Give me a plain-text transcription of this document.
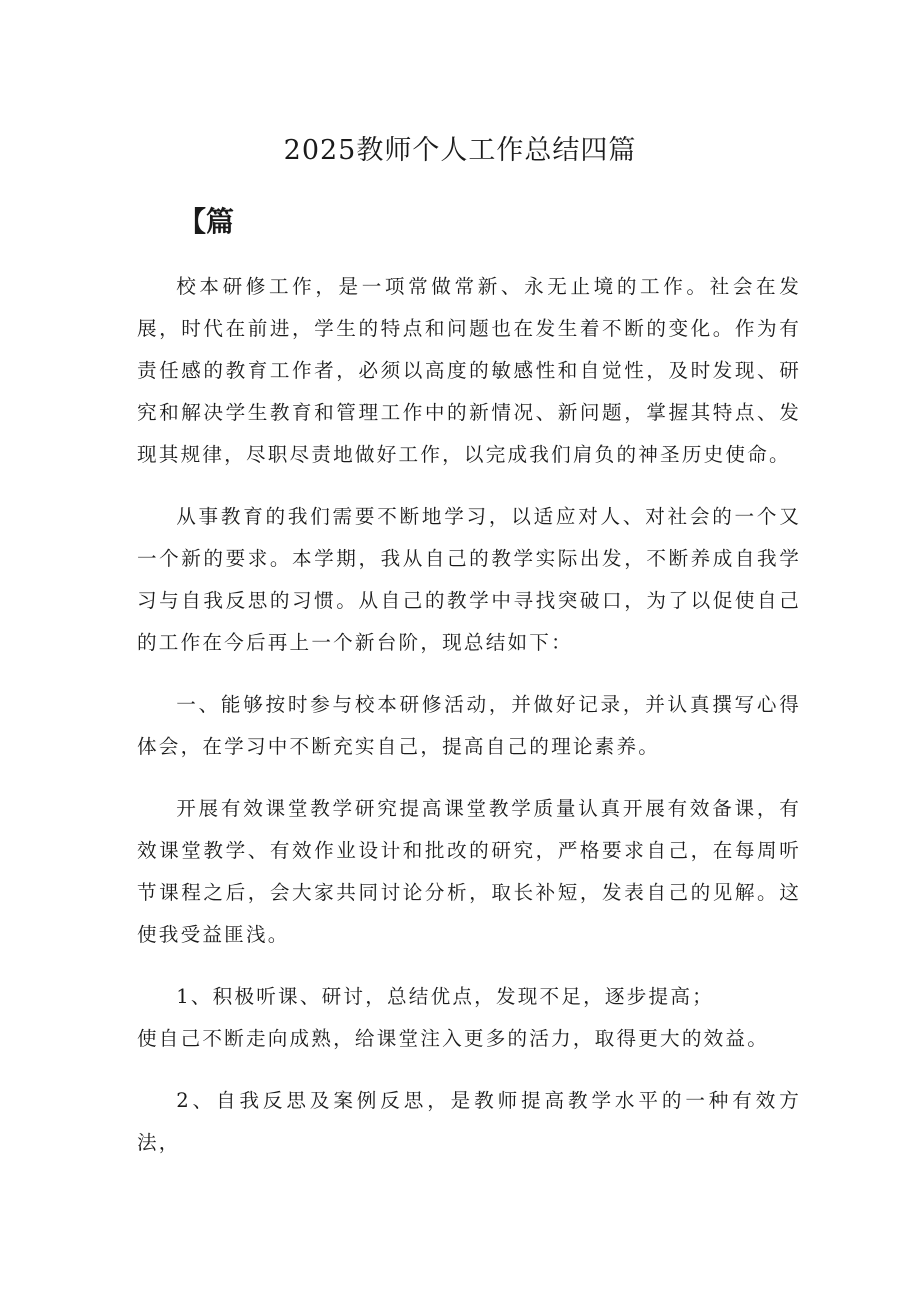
2025教师个人工作总结四篇
【篇

校本研修工作，是一项常做常新、永无止境的工作。社会在发展，时代在前进，学生的特点和问题也在发生着不断的变化。作为有责任感的教育工作者，必须以高度的敏感性和自觉性，及时发现、研究和解决学生教育和管理工作中的新情况、新问题，掌握其特点、发现其规律，尽职尽责地做好工作，以完成我们肩负的神圣历史使命。

从事教育的我们需要不断地学习，以适应对人、对社会的一个又一个新的要求。本学期，我从自己的教学实际出发，不断养成自我学习与自我反思的习惯。从自己的教学中寻找突破口，为了以促使自己的工作在今后再上一个新台阶，现总结如下：

一、能够按时参与校本研修活动，并做好记录，并认真撰写心得体会，在学习中不断充实自己，提高自己的理论素养。

开展有效课堂教学研究提高课堂教学质量认真开展有效备课，有效课堂教学、有效作业设计和批改的研究，严格要求自己，在每周听节课程之后，会大家共同讨论分析，取长补短，发表自己的见解。这使我受益匪浅。

1、积极听课、研讨，总结优点，发现不足，逐步提高；

使自己不断走向成熟，给课堂注入更多的活力，取得更大的效益。

2、自我反思及案例反思，是教师提高教学水平的一种有效方法，
